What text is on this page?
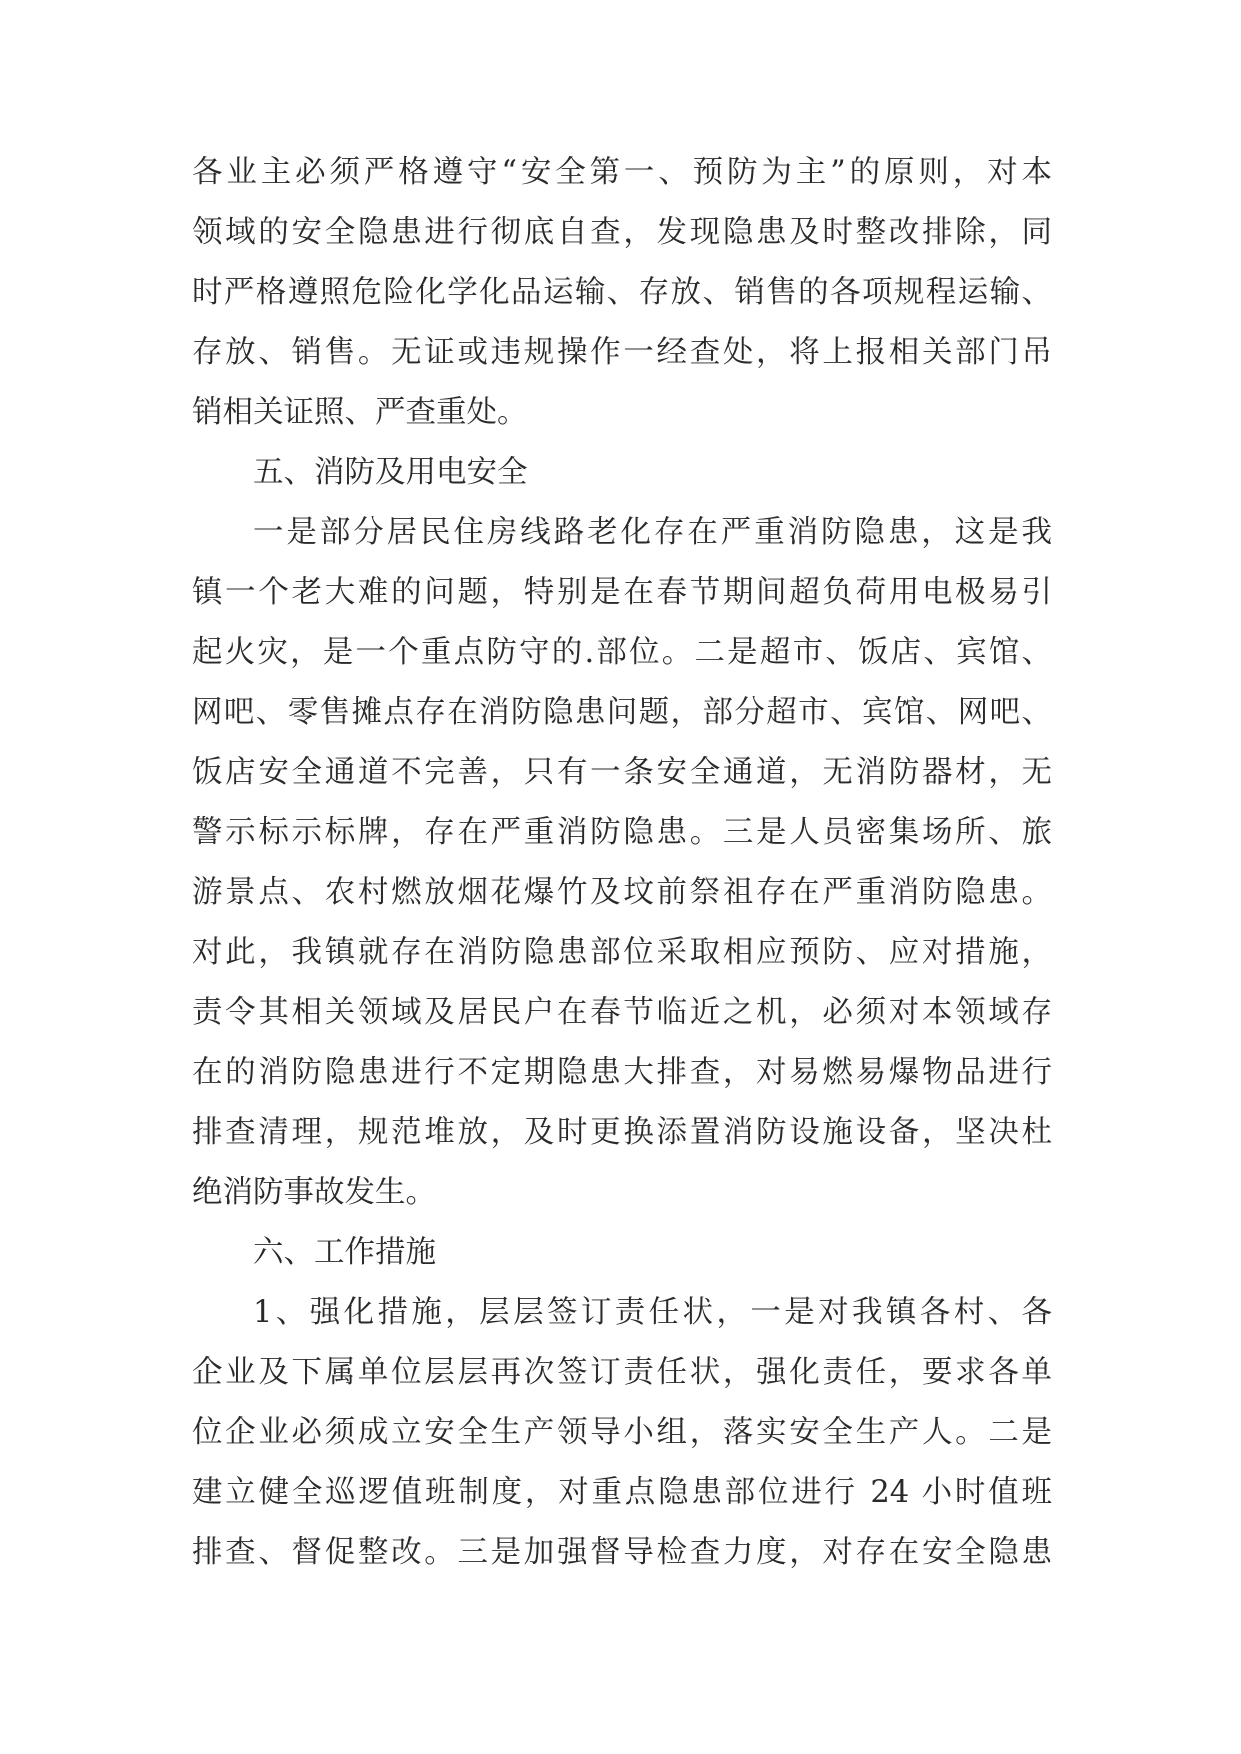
各业主必须严格遵守“安全第一、预防为主”的原则，对本
领域的安全隐患进行彻底自查，发现隐患及时整改排除，同
时严格遵照危险化学化品运输、存放、销售的各项规程运输、
存放、销售。无证或违规操作一经查处，将上报相关部门吊
销相关证照、严查重处。
五、消防及用电安全
一是部分居民住房线路老化存在严重消防隐患，这是我
镇一个老大难的问题，特别是在春节期间超负荷用电极易引
起火灾，是一个重点防守的.部位。二是超市、饭店、宾馆、
网吧、零售摊点存在消防隐患问题，部分超市、宾馆、网吧、
饭店安全通道不完善，只有一条安全通道，无消防器材，无
警示标示标牌，存在严重消防隐患。三是人员密集场所、旅
游景点、农村燃放烟花爆竹及坟前祭祖存在严重消防隐患。
对此，我镇就存在消防隐患部位采取相应预防、应对措施，
责令其相关领域及居民户在春节临近之机，必须对本领域存
在的消防隐患进行不定期隐患大排查，对易燃易爆物品进行
排查清理，规范堆放，及时更换添置消防设施设备，坚决杜
绝消防事故发生。
六、工作措施
1、强化措施，层层签订责任状，一是对我镇各村、各
企业及下属单位层层再次签订责任状，强化责任，要求各单
位企业必须成立安全生产领导小组，落实安全生产人。二是
建立健全巡逻值班制度，对重点隐患部位进行 24 小时值班
排查、督促整改。三是加强督导检查力度，对存在安全隐患
